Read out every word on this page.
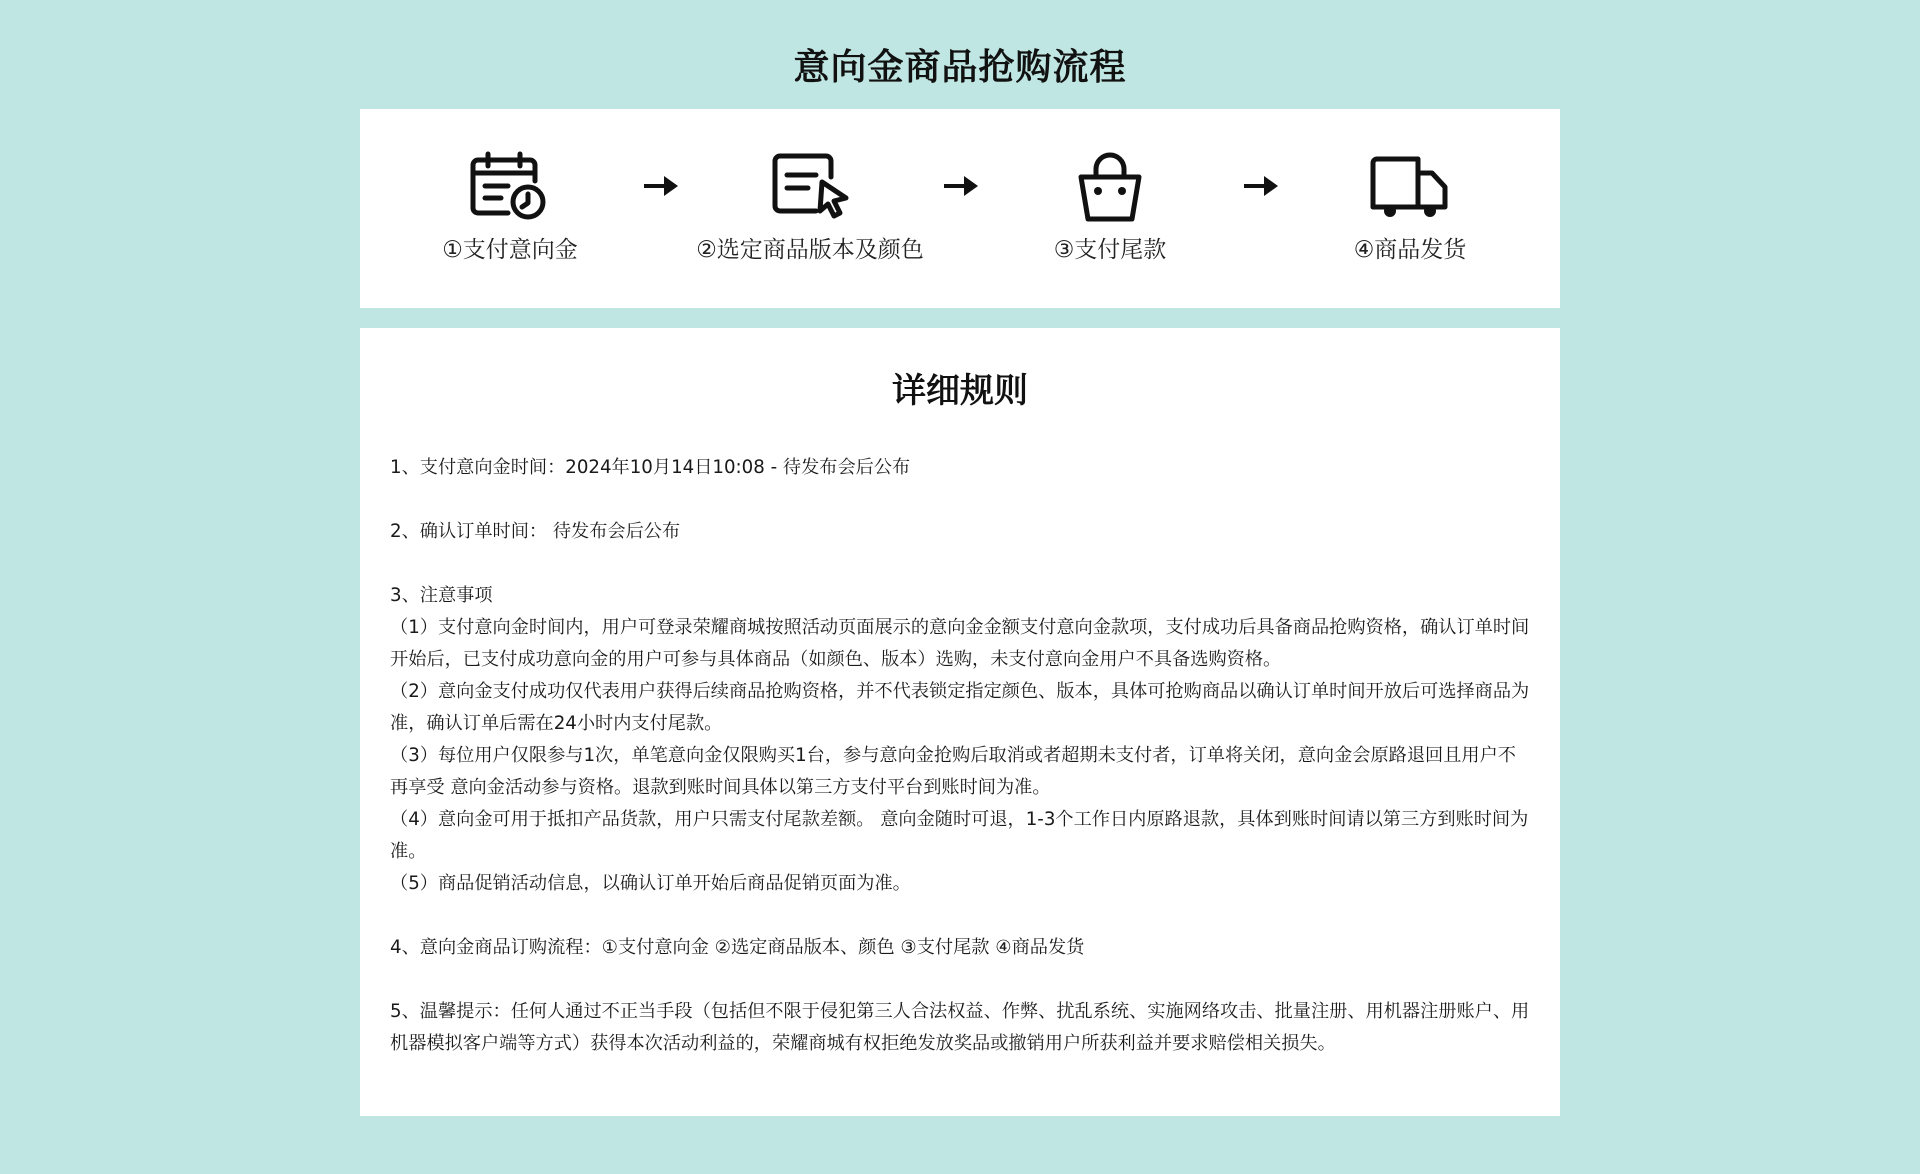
意向金商品抢购流程
①支付意向金	②选定商品版本及颜色	③支付尾款	④商品发货
详细规则

1、支付意向金时间：2024年10月14日10:08 - 待发布会后公布

2、确认订单时间： 待发布会后公布

3、注意事项

（1）支付意向金时间内，用户可登录荣耀商城按照活动页面展示的意向金金额支付意向金款项，支付成功后具备商品抢购资格，确认订单时间开始后，已支付成功意向金的用户可参与具体商品（如颜色、版本）选购，未支付意向金用户不具备选购资格。

（2）意向金支付成功仅代表用户获得后续商品抢购资格，并不代表锁定指定颜色、版本，具体可抢购商品以确认订单时间开放后可选择商品为准，确认订单后需在24小时内支付尾款。

（3）每位用户仅限参与1次，单笔意向金仅限购买1台，参与意向金抢购后取消或者超期未支付者，订单将关闭，意向金会原路退回且用户不再享受 意向金活动参与资格。退款到账时间具体以第三方支付平台到账时间为准。

（4）意向金可用于抵扣产品货款，用户只需支付尾款差额。 意向金随时可退，1-3个工作日内原路退款，具体到账时间请以第三方到账时间为准。

（5）商品促销活动信息，以确认订单开始后商品促销页面为准。

4、意向金商品订购流程：①支付意向金 ②选定商品版本、颜色 ③支付尾款 ④商品发货

5、温馨提示：任何人通过不正当手段（包括但不限于侵犯第三人合法权益、作弊、扰乱系统、实施网络攻击、批量注册、用机器注册账户、用机器模拟客户端等方式）获得本次活动利益的，荣耀商城有权拒绝发放奖品或撤销用户所获利益并要求赔偿相关损失。
